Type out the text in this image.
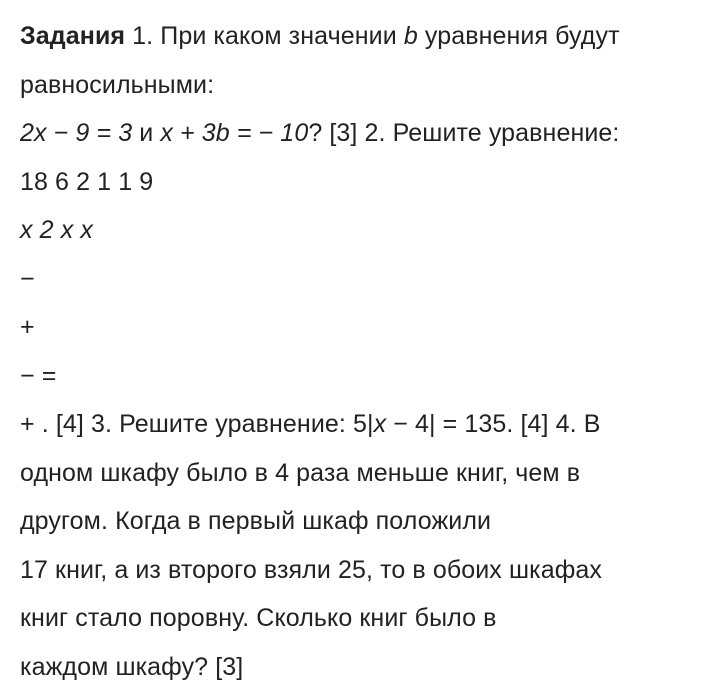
Задания 1. При каком значении b уравнения будут
равносильными:
2x − 9 = 3 и x + 3b = − 10? [3] 2. Решите уравнение:
18 6 2 1 1 9
x 2 x x
−
+
− =
+ . [4] 3. Решите уравнение: 5|x − 4| = 135. [4] 4. В
одном шкафу было в 4 раза меньше книг, чем в
другом. Когда в первый шкаф положили
17 книг, а из второго взяли 25, то в обоих шкафах
книг стало поровну. Сколько книг было в
каждом шкафу? [3]
